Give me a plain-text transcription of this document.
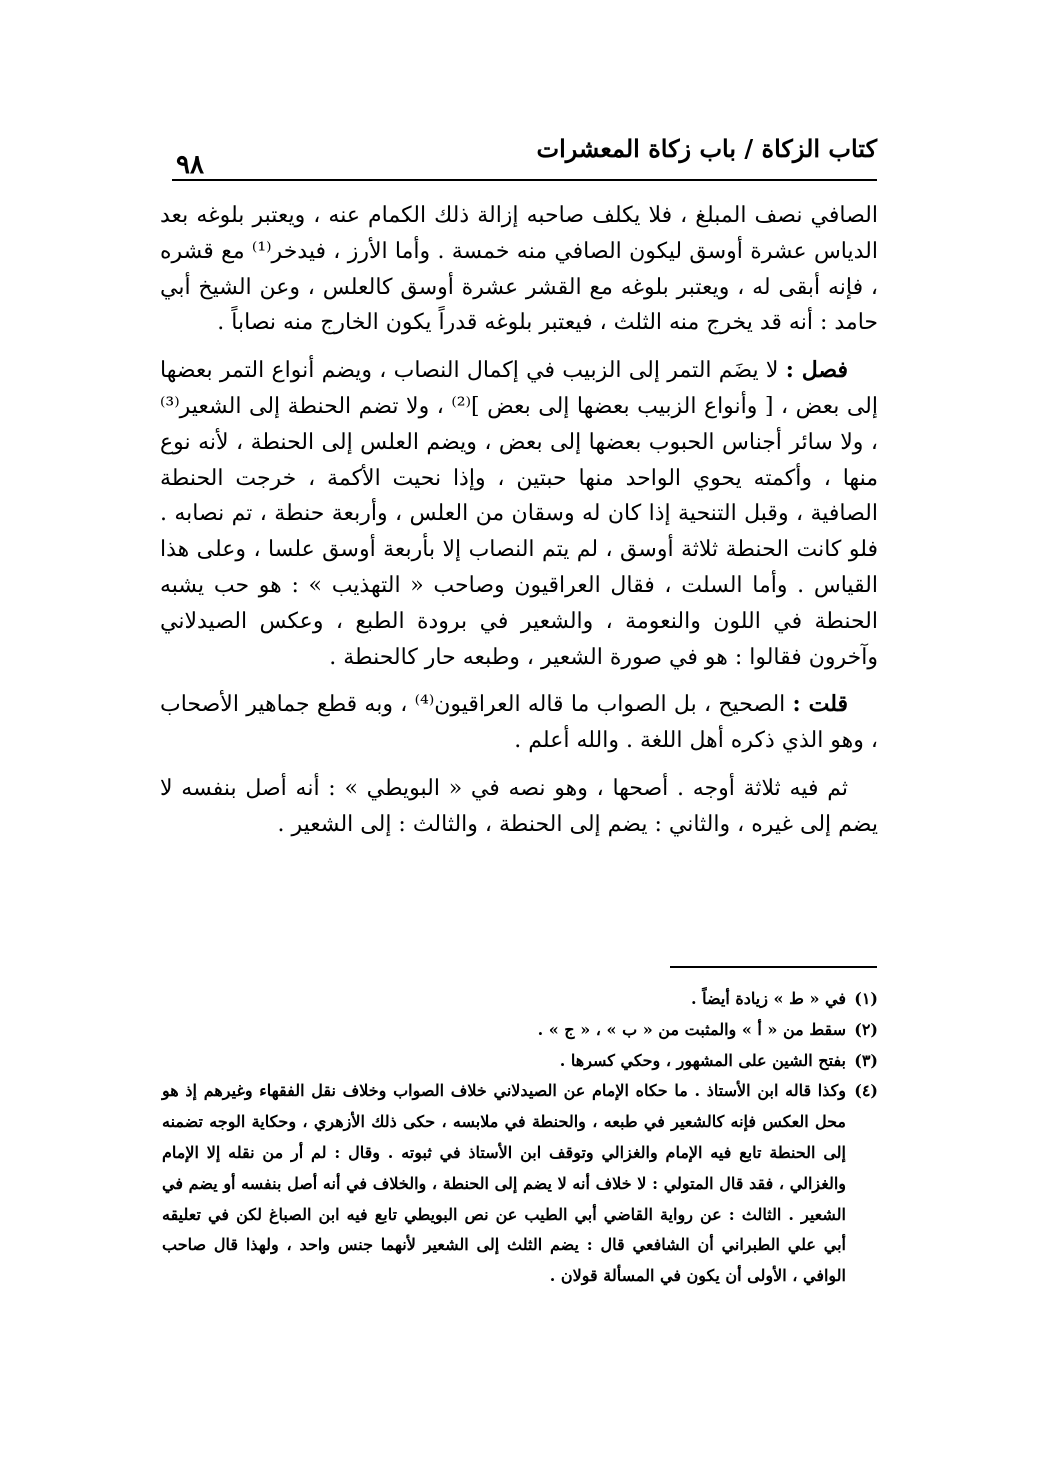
كتاب الزكاة / باب زكاة المعشرات
٩٨

الصافي نصف المبلغ ، فلا يكلف صاحبه إزالة ذلك الكمام عنه ، ويعتبر بلوغه بعد الدياس عشرة أوسق ليكون الصافي منه خمسة . وأما الأرز ، فيدخر⁽¹⁾ مع قشره ، فإنه أبقى له ، ويعتبر بلوغه مع القشر عشرة أوسق كالعلس ، وعن الشيخ أبي حامد : أنه قد يخرج منه الثلث ، فيعتبر بلوغه قدراً يكون الخارج منه نصاباً .

فصل : لا يضَم التمر إلى الزبيب في إكمال النصاب ، ويضم أنواع التمر بعضها إلى بعض ، [ وأنواع الزبيب بعضها إلى بعض ]⁽²⁾ ، ولا تضم الحنطة إلى الشعير⁽³⁾ ، ولا سائر أجناس الحبوب بعضها إلى بعض ، ويضم العلس إلى الحنطة ، لأنه نوع منها ، وأكمته يحوي الواحد منها حبتين ، وإذا نحيت الأكمة ، خرجت الحنطة الصافية ، وقبل التنحية إذا كان له وسقان من العلس ، وأربعة حنطة ، تم نصابه . فلو كانت الحنطة ثلاثة أوسق ، لم يتم النصاب إلا بأربعة أوسق علسا ، وعلى هذا القياس . وأما السلت ، فقال العراقيون وصاحب « التهذيب » : هو حب يشبه الحنطة في اللون والنعومة ، والشعير في برودة الطبع ، وعكس الصيدلاني وآخرون فقالوا : هو في صورة الشعير ، وطبعه حار كالحنطة .

قلت : الصحيح ، بل الصواب ما قاله العراقيون⁽⁴⁾ ، وبه قطع جماهير الأصحاب ، وهو الذي ذكره أهل اللغة . والله أعلم .

ثم فيه ثلاثة أوجه . أصحها ، وهو نصه في « البويطي » : أنه أصل بنفسه لا يضم إلى غيره ، والثاني : يضم إلى الحنطة ، والثالث : إلى الشعير .

(١)
في « ط » زيادة أيضاً .
(٢)
سقط من « أ » والمثبت من « ب » ، « ج » .
(٣)
بفتح الشين على المشهور ، وحكي كسرها .
(٤)
وكذا قاله ابن الأستاذ . ما حكاه الإمام عن الصيدلاني خلاف الصواب وخلاف نقل الفقهاء وغيرهم إذ هو محل العكس فإنه كالشعير في طبعه ، والحنطة في ملابسه ، حكى ذلك الأزهري ، وحكاية الوجه تضمنه إلى الحنطة تابع فيه الإمام والغزالي وتوقف ابن الأستاذ في ثبوته . وقال : لم أر من نقله إلا الإمام والغزالي ، فقد قال المتولي : لا خلاف أنه لا يضم إلى الحنطة ، والخلاف في أنه أصل بنفسه أو يضم في الشعير . الثالث : عن رواية القاضي أبي الطيب عن نص البويطي تابع فيه ابن الصباغ لكن في تعليقه أبي علي الطبراني أن الشافعي قال : يضم الثلث إلى الشعير لأنهما جنس واحد ، ولهذا قال صاحب الوافي ، الأولى أن يكون في المسألة قولان .
